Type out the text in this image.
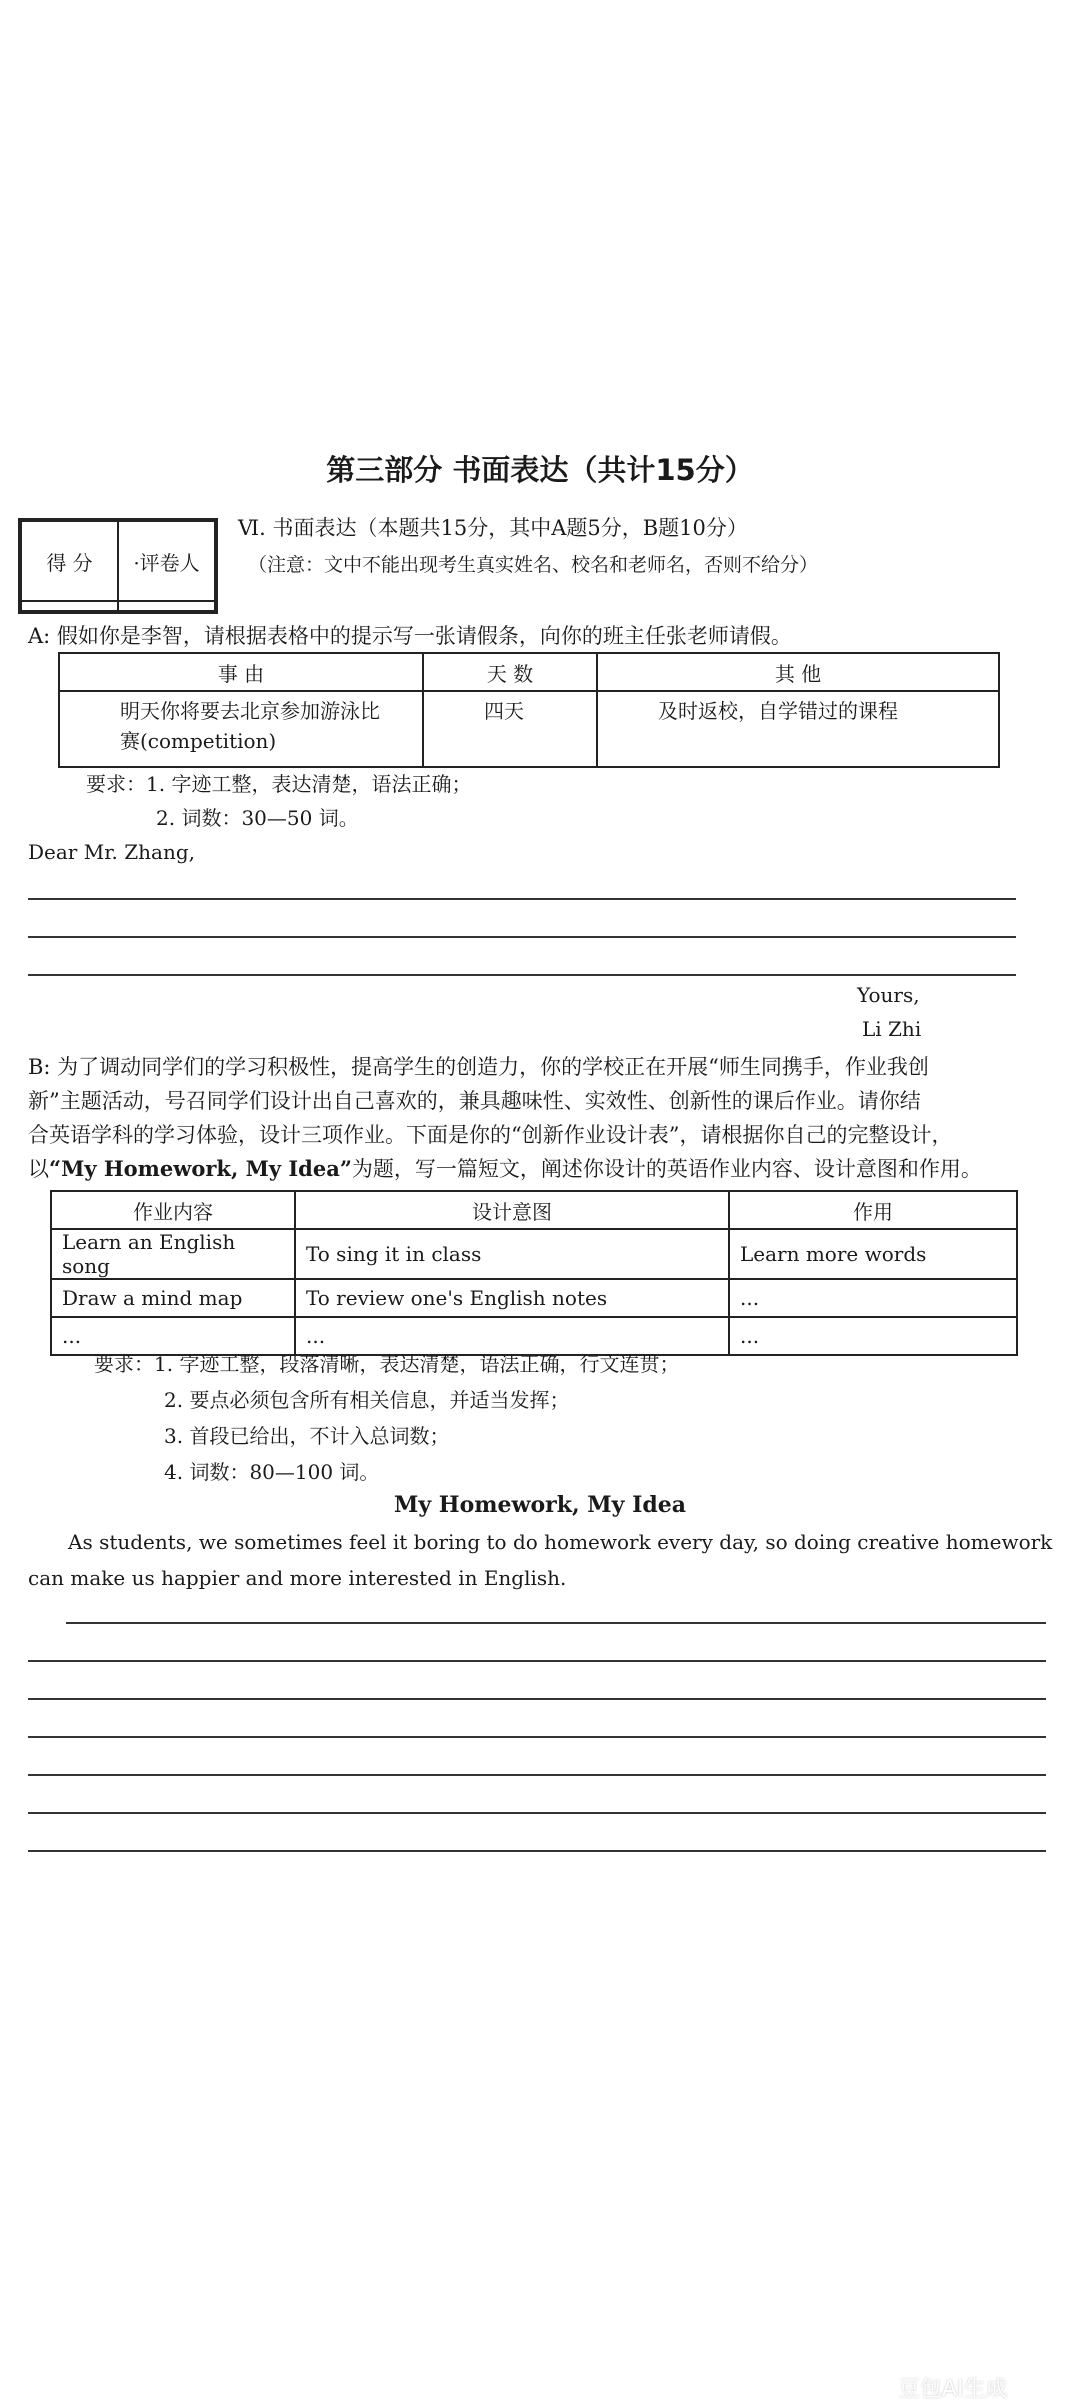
第三部分 书面表达（共计15分）
得 分	·评卷人

Ⅵ. 书面表达（本题共15分，其中A题5分，B题10分）
（注意：文中不能出现考生真实姓名、校名和老师名，否则不给分）
A: 假如你是李智，请根据表格中的提示写一张请假条，向你的班主任张老师请假。
事 由	天 数	其 他
明天你将要去北京参加游泳比赛(competition)	四天	及时返校，自学错过的课程
要求：1. 字迹工整，表达清楚，语法正确；
2. 词数：30—50 词。
Dear Mr. Zhang,
Yours,
Li Zhi
B: 为了调动同学们的学习积极性，提高学生的创造力，你的学校正在开展“师生同携手，作业我创
新”主题活动，号召同学们设计出自己喜欢的，兼具趣味性、实效性、创新性的课后作业。请你结
合英语学科的学习体验，设计三项作业。下面是你的“创新作业设计表”，请根据你自己的完整设计，
以“My Homework, My Idea”为题，写一篇短文，阐述你设计的英语作业内容、设计意图和作用。
作业内容	设计意图	作用
Learn an English song	To sing it in class	Learn more words
Draw a mind map	To review one's English notes	...
...	...	...
要求：1. 字迹工整，段落清晰，表达清楚，语法正确，行文连贯；
2. 要点必须包含所有相关信息，并适当发挥；
3. 首段已给出，不计入总词数；
4. 词数：80—100 词。
My Homework, My Idea
As students, we sometimes feel it boring to do homework every day, so doing creative homework can make us happier and more interested in English.
豆包AI生成
